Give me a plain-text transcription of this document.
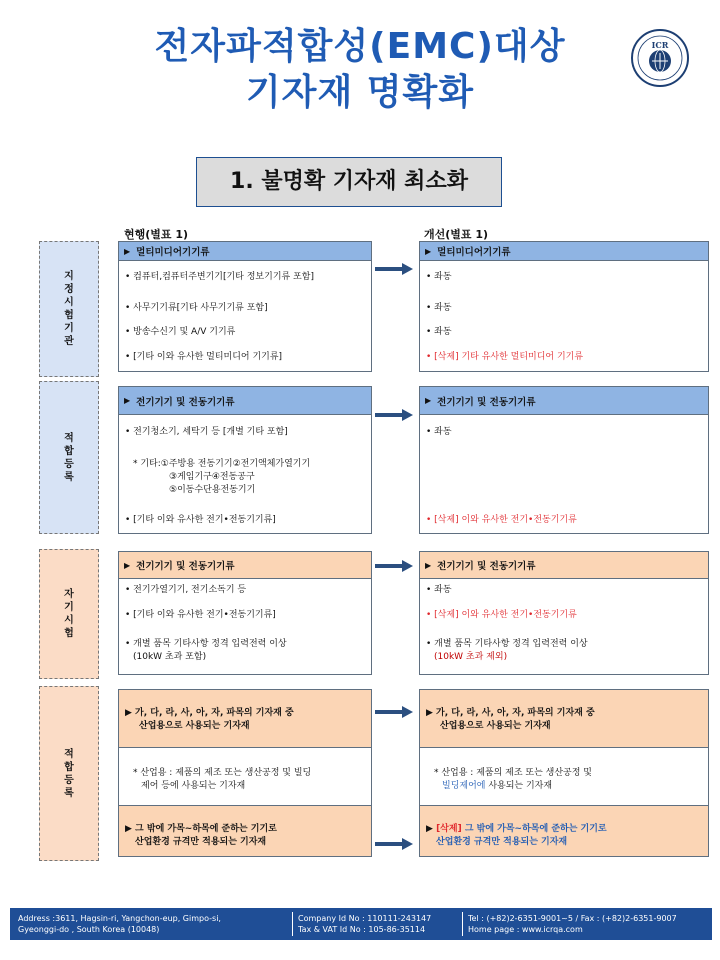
전자파적합성(EMC)대상
기자재 명확화
ICR
1. 불명확 기자재 최소화
현행(별표 1)	개선(별표 1)
지
정
시
험
기
관
적
합
등
록
자
기
시
험
적
합
등
록
▶ 멀티미디어기기류
• 컴퓨터,컴퓨터주변기기[기타 정보기기류 포함]
• 사무기기류[기타 사무기기류 포함]
• 방송수신기 및 A/V 기기류
• [기타 이와 유사한 멀티미디어 기기류]
▶ 멀티미디어기기류
• 좌동
• 좌동
• 좌동
• [삭제] 기타 유사한 멀티미디어 기기류
▶ 전기기기 및 전동기기류
• 전기청소기, 세탁기 등 [개별 기타 포함]
* 기타:①주방용 전동기기②전기액체가열기기
③게임기구④전동공구
⑤이동수단용전동기기
• [기타 이와 유사한 전기•전동기기류]
▶ 전기기기 및 전동기기류
• 좌동
• [삭제] 이와 유사한 전기•전동기기류
▶ 전기기기 및 전동기기류
• 전기가열기기, 전기소독기 등
• [기타 이와 유사한 전기•전동기기류]
• 개별 품목 기타사항 정격 입력전력 이상
(10kW 초과 포함)
▶ 전기기기 및 전동기기류
• 좌동
• [삭제] 이와 유사한 전기•전동기기류
• 개별 품목 기타사항 정격 입력전력 이상
(10kW 초과 제외)
▶ 가, 다, 라, 사, 아, 자, 파목의 기자재 중
산업용으로 사용되는 기자재
* 산업용 : 제품의 제조 또는 생산공정 및 빌딩
제어 등에 사용되는 기자재
▶ 그 밖에 가목~하목에 준하는 기기로
산업환경 규격만 적용되는 기자재
▶ 가, 다, 라, 사, 아, 자, 파목의 기자재 중
산업용으로 사용되는 기자재
* 산업용 : 제품의 제조 또는 생산공정 및
빌딩제어에 사용되는 기자재
▶ [삭제] 그 밖에 가목~하목에 준하는 기기로
산업환경 규격만 적용되는 기자재
Address :3611, Hagsin-ri, Yangchon-eup, Gimpo-si,
Gyeonggi-do , South Korea (10048)
Company Id No : 110111-243147
Tax & VAT Id No : 105-86-35114
Tel : (+82)2-6351-9001~5 / Fax : (+82)2-6351-9007
Home page : www.icrqa.com
